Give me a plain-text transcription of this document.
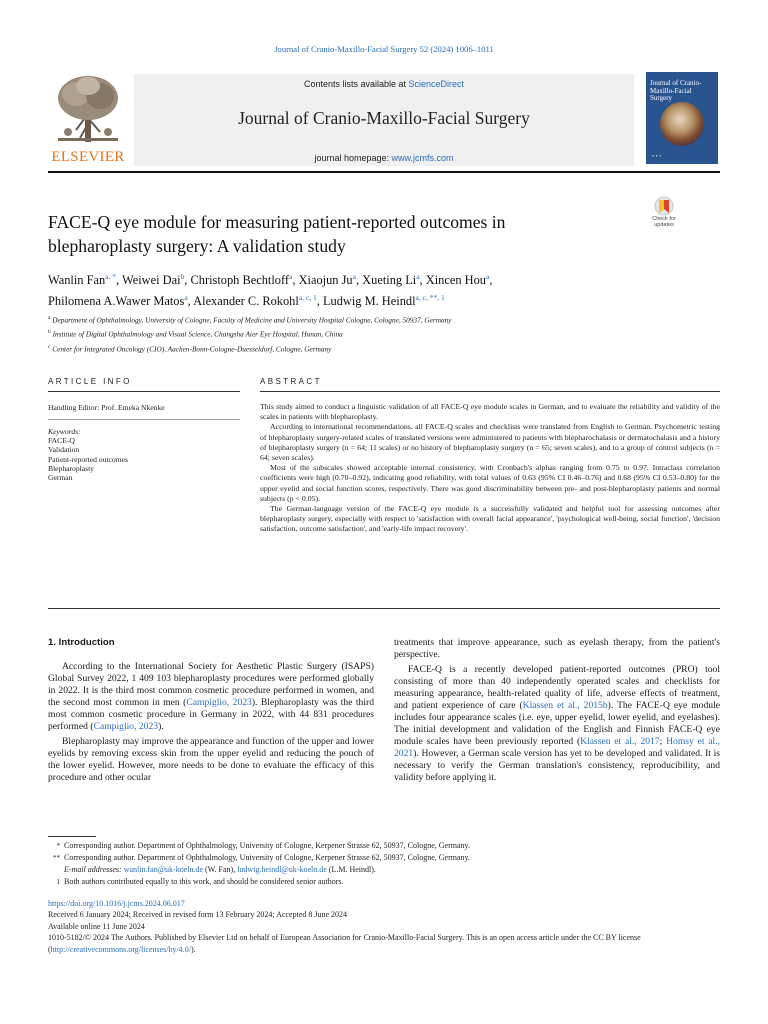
Journal of Cranio-Maxillo-Facial Surgery 52 (2024) 1006–1011
ELSEVIER
Contents lists available at ScienceDirect
Journal of Cranio-Maxillo-Facial Surgery
journal homepage: www.jcmfs.com
Journal of Cranio-Maxillo-Facial Surgery
• • •
Check for updates
FACE-Q eye module for measuring patient-reported outcomes in blepharoplasty surgery: A validation study
Wanlin Fan$^{a, *}$, Weiwei Dai$^b$, Christoph Bechtloff$^a$, Xiaojun Ju$^a$, Xueting Li$^a$, Xincen Hou$^a$,
Philomena A.Wawer Matos$^a$, Alexander C. Rokohl$^{a, c, 1}$, Ludwig M. Heindl$^{a, c, **, 1}$
$^a$ Department of Ophthalmology, University of Cologne, Faculty of Medicine and University Hospital Cologne, Cologne, 50937, Germany
$^b$ Institute of Digital Ophthalmology and Visual Science, Changsha Aier Eye Hospital, Hunan, China
$^c$ Center for Integrated Oncology (CIO), Aachen-Bonn-Cologne-Duesseldorf, Cologne, Germany
ARTICLE INFO
Handling Editor: Prof. Emeka Nkenke
Keywords:
FACE-Q
Validation
Patient-reported outcomes
Blepharoplasty
German
ABSTRACT

This study aimed to conduct a linguistic validation of all FACE-Q eye module scales in German, and to evaluate the reliability and validity of the scales in patients with blepharoplasty.

According to international recommendations, all FACE-Q scales and checklists were translated from English to German. Psychometric testing of blepharoplasty surgery-related scales of translated versions were administered to patients with blepharochalasis or dermatochalasis and a history of blepharoplasty surgery (n = 64; 11 scales) or no history of blepharoplasty surgery (n = 65; seven scales), and to a group of control subjects (n = 64; seven scales).

Most of the subscales showed acceptable internal consistency, with Cronbach's alphas ranging from 0.75 to 0.97. Intraclass correlation coefficients were high (0.70–0.92), indicating good reliability, with total values of 0.63 (95% CI 0.46–0.76) and 0.68 (95% CI 0.53–0.80) for the upper eyelid and social function scores, respectively. There was good discriminability between pre- and post-blepharoplasty patients and normal subjects (p < 0.05).

The German-language version of the FACE-Q eye module is a successfully validated and helpful tool for assessing outcomes after blepharoplasty surgery, especially with respect to 'satisfaction with overall facial appearance', 'psychological well-being, social function', 'decision satisfaction, outcome satisfaction', and 'early-life impact recovery'.

1. Introduction

According to the International Society for Aesthetic Plastic Surgery (ISAPS) Global Survey 2022, 1 409 103 blepharoplasty procedures were performed globally in 2022. It is the third most common cosmetic procedure performed in women, and the second most common in men (Campiglio, 2023). Blepharoplasty was the third most common cosmetic procedure in Germany in 2022, with 44 831 procedures performed (Campiglio, 2023).

Blepharoplasty may improve the appearance and function of the upper and lower eyelids by removing excess skin from the upper eyelid and reducing the pouch of the lower eyelid. However, more needs to be done to evaluate the efficacy of this procedure and other ocular

treatments that improve appearance, such as eyelash therapy, from the patient's perspective.

FACE-Q is a recently developed patient-reported outcomes (PRO) tool consisting of more than 40 independently operated scales and checklists for measuring appearance, health-related quality of life, adverse effects of treatment, and patient experience of care (Klassen et al., 2015b). The FACE-Q eye module includes four appearance scales (i.e. eye, upper eyelid, lower eyelid, and eyelashes). The initial development and validation of the English and Finnish FACE-Q eye module scales have been previously reported (Klassen et al., 2017; Homsy et al., 2021). However, a German scale version has yet to be developed and validated. It is necessary to verify the German translation's consistency, reproducibility, and validity before applying it.

* Corresponding author. Department of Ophthalmology, University of Cologne, Kerpener Strasse 62, 50937, Cologne, Germany.
** Corresponding author. Department of Ophthalmology, University of Cologne, Kerpener Strasse 62, 50937, Cologne, Germany.
E-mail addresses: wanlin.fan@uk-koeln.de (W. Fan), ludwig.heindl@uk-koeln.de (L.M. Heindl).
1 Both authors contributed equally to this work, and should be considered senior authors.
https://doi.org/10.1016/j.jcms.2024.06.017
Received 6 January 2024; Received in revised form 13 February 2024; Accepted 8 June 2024
Available online 11 June 2024
1010-5182/© 2024 The Authors. Published by Elsevier Ltd on behalf of European Association for Cranio-Maxillo-Facial Surgery. This is an open access article under the CC BY license (http://creativecommons.org/licenses/by/4.0/).
